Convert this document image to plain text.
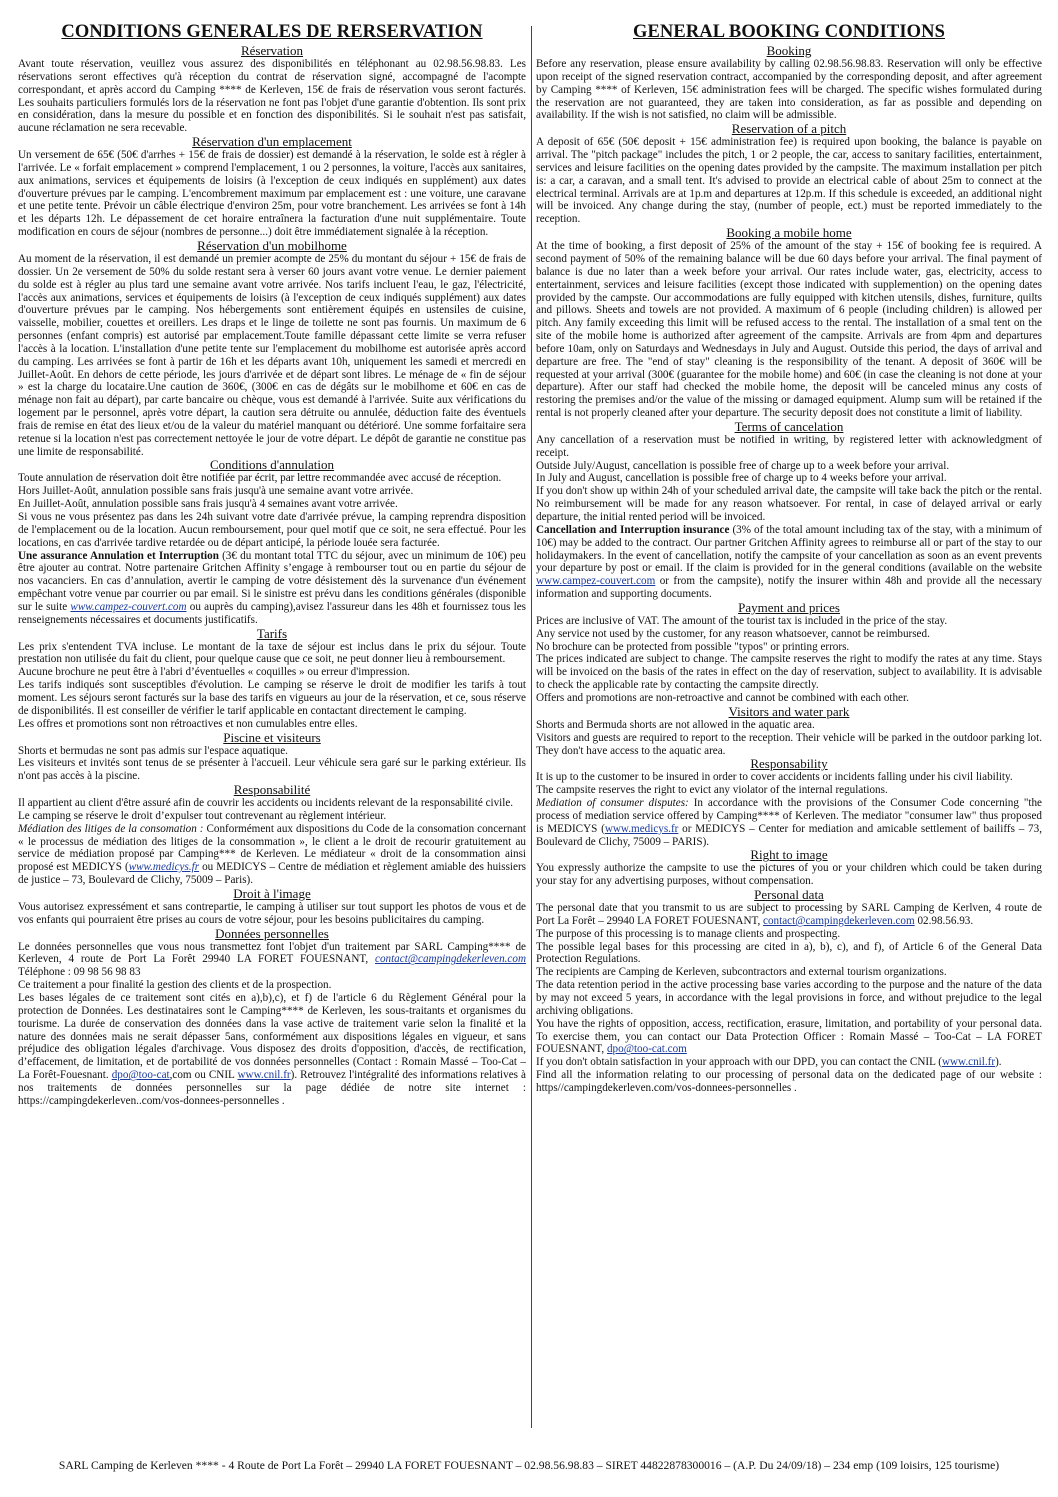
CONDITIONS GENERALES DE RERSERVATION
Réservation

Avant toute réservation, veuillez vous assurez des disponibilités en téléphonant au 02.98.56.98.83. Les réservations seront effectives qu'à réception du contrat de réservation signé, accompagné de l'acompte correspondant, et après accord du Camping **** de Kerleven, 15€ de frais de réservation vous seront facturés. Les souhaits particuliers formulés lors de la réservation ne font pas l'objet d'une garantie d'obtention. Ils sont prix en considération, dans la mesure du possible et en fonction des disponibilités. Si le souhait n'est pas satisfait, aucune réclamation ne sera recevable.

Réservation d'un emplacement

Un versement de 65€ (50€ d'arrhes + 15€ de frais de dossier) est demandé à la réservation, le solde est à régler à l'arrivée. Le « forfait emplacement » comprend l'emplacement, 1 ou 2 personnes, la voiture, l'accès aux sanitaires, aux animations, services et équipements de loisirs (à l'exception de ceux indiqués en supplément) aux dates d'ouverture prévues par le camping. L'encombrement maximum par emplacement est : une voiture, une caravane et une petite tente. Prévoir un câble électrique d'environ 25m, pour votre branchement. Les arrivées se font à 14h et les départs 12h. Le dépassement de cet horaire entraînera la facturation d'une nuit supplémentaire. Toute modification en cours de séjour (nombres de personne...) doit être immédiatement signalée à la réception.

Réservation d'un mobilhome

Au moment de la réservation, il est demandé un premier acompte de 25% du montant du séjour + 15€ de frais de dossier. Un 2e versement de 50% du solde restant sera à verser 60 jours avant votre venue. Le dernier paiement du solde est à régler au plus tard une semaine avant votre arrivée. Nos tarifs incluent l'eau, le gaz, l'électricité, l'accès aux animations, services et équipements de loisirs (à l'exception de ceux indiqués supplément) aux dates d'ouverture prévues par le camping. Nos hébergements sont entièrement équipés en ustensiles de cuisine, vaisselle, mobilier, couettes et oreillers. Les draps et le linge de toilette ne sont pas fournis. Un maximum de 6 personnes (enfant compris) est autorisé par emplacement.Toute famille dépassant cette limite se verra refuser l'accès à la location. L'installation d'une petite tente sur l'emplacement du mobilhome est autorisée après accord du camping. Les arrivées se font à partir de 16h et les départs avant 10h, uniquement les samedi et mercredi en Juillet-Août. En dehors de cette période, les jours d'arrivée et de départ sont libres. Le ménage de « fin de séjour » est la charge du locataire.Une caution de 360€, (300€ en cas de dégâts sur le mobilhome et 60€ en cas de ménage non fait au départ), par carte bancaire ou chèque, vous est demandé à l'arrivée. Suite aux vérifications du logement par le personnel, après votre départ, la caution sera détruite ou annulée, déduction faite des éventuels frais de remise en état des lieux et/ou de la valeur du matériel manquant ou détérioré. Une somme forfaitaire sera retenue si la location n'est pas correctement nettoyée le jour de votre départ. Le dépôt de garantie ne constitue pas une limite de responsabilité.

Conditions d'annulation

Toute annulation de réservation doit être notifiée par écrit, par lettre recommandée avec accusé de réception.

Hors Juillet-Août, annulation possible sans frais jusqu'à une semaine avant votre arrivée.

En Juillet-Août, annulation possible sans frais jusqu'à 4 semaines avant votre arrivée.

Si vous ne vous présentez pas dans les 24h suivant votre date d'arrivée prévue, la camping reprendra disposition de l'emplacement ou de la location. Aucun remboursement, pour quel motif que ce soit, ne sera effectué. Pour les locations, en cas d'arrivée tardive retardée ou de départ anticipé, la période louée sera facturée.

Une assurance Annulation et Interruption (3€ du montant total TTC du séjour, avec un minimum de 10€) peu être ajouter au contrat. Notre partenaire Gritchen Affinity s’engage à rembourser tout ou en partie du séjour de nos vacanciers. En cas d’annulation, avertir le camping de votre désistement dès la survenance d'un événement empêchant votre venue par courrier ou par email. Si le sinistre est prévu dans les conditions générales (disponible sur le suite www.campez-couvert.com ou auprès du camping),avisez l'assureur dans les 48h et fournissez tous les renseignements nécessaires et documents justificatifs.

Tarifs

Les prix s'entendent TVA incluse. Le montant de la taxe de séjour est inclus dans le prix du séjour. Toute prestation non utilisée du fait du client, pour quelque cause que ce soit, ne peut donner lieu à remboursement.

Aucune brochure ne peut être à l'abri d’éventuelles « coquilles » ou erreur d'impression.

Les tarifs indiqués sont susceptibles d'évolution. Le camping se réserve le droit de modifier les tarifs à tout moment. Les séjours seront facturés sur la base des tarifs en vigueurs au jour de la réservation, et ce, sous réserve de disponibilités. Il est conseiller de vérifier le tarif applicable en contactant directement le camping.

Les offres et promotions sont non rétroactives et non cumulables entre elles.

Piscine et visiteurs

Shorts et bermudas ne sont pas admis sur l'espace aquatique.

Les visiteurs et invités sont tenus de se présenter à l'accueil. Leur véhicule sera garé sur le parking extérieur. Ils n'ont pas accès à la piscine.

Responsabilité

Il appartient au client d'être assuré afin de couvrir les accidents ou incidents relevant de la responsabilité civile.

Le camping se réserve le droit d’expulser tout contrevenant au règlement intérieur.

Médiation des litiges de la consomation : Conformément aux dispositions du Code de la consomation concernant « le processus de médiation des litiges de la consommation », le client a le droit de recourir gratuitement au service de médiation proposé par Camping*** de Kerleven. Le médiateur « droit de la consommation ainsi proposé est MEDICYS (www.medicys.fr ou MEDICYS – Centre de médiation et règlement amiable des huissiers de justice – 73, Boulevard de Clichy, 75009 – Paris).

Droit à l'image

Vous autorisez expressément et sans contrepartie, le camping à utiliser sur tout support les photos de vous et de vos enfants qui pourraient être prises au cours de votre séjour, pour les besoins publicitaires du camping.

Données personnelles

Le données personnelles que vous nous transmettez font l'objet d'un traitement par SARL Camping**** de Kerleven, 4 route de Port La Forêt 29940 LA FORET FOUESNANT, contact@campingdekerleven.com Téléphone : 09 98 56 98 83

Ce traitement a pour finalité la gestion des clients et de la prospection.

Les bases légales de ce traitement sont cités en a),b),c), et f) de l'article 6 du Règlement Général pour la protection de Données. Les destinataires sont le Camping**** de Kerleven, les sous-traitants et organismes du tourisme. La durée de conservation des données dans la vase active de traitement varie selon la finalité et la nature des données mais ne serait dépasser 5ans, conformément aux dispositions légales en vigueur, et sans préjudice des obligation légales d'archivage. Vous disposez des droits d'opposition, d'accès, de rectification, d’effacement, de limitation, et de portabilité de vos données personnelles (Contact : Romain Massé – Too-Cat – La Forêt-Fouesnant. dpo@too-cat,com ou CNIL www.cnil.fr). Retrouvez l'intégralité des informations relatives à nos traitements de données personnelles sur la page dédiée de notre site internet : https://campingdekerleven..com/vos-donnees-personnelles .

GENERAL BOOKING CONDITIONS
Booking

Before any reservation, please ensure availability by calling 02.98.56.98.83. Reservation will only be effective upon receipt of the signed reservation contract, accompanied by the corresponding deposit, and after agreement by Camping **** of Kerleven, 15€ administration fees will be charged. The specific wishes formulated during the reservation are not guaranteed, they are taken into consideration, as far as possible and depending on availability. If the wish is not satisfied, no claim will be admissible.

Reservation of a pitch

A deposit of 65€ (50€ deposit + 15€ administration fee) is required upon booking, the balance is payable on arrival. The "pitch package" includes the pitch, 1 or 2 people, the car, access to sanitary facilities, entertainment, services and leisure facilities on the opening dates provided by the campsite. The maximum installation per pitch is: a car, a caravan, and a small tent. It's advised to provide an electrical cable of about 25m to connect at the electrical terminal. Arrivals are at 1p.m and departures at 12p.m. If this schedule is exceeded, an additional night will be invoiced. Any change during the stay, (number of people, ect.) must be reported immediately to the reception.

Booking a mobile home

At the time of booking, a first deposit of 25% of the amount of the stay + 15€ of booking fee is required. A second payment of 50% of the remaining balance will be due 60 days before your arrival. The final payment of balance is due no later than a week before your arrival. Our rates include water, gas, electricity, access to entertainment, services and leisure facilities (except those indicated with supplemention) on the opening dates provided by the campste. Our accommodations are fully equipped with kitchen utensils, dishes, furniture, quilts and pillows. Sheets and towels are not provided. A maximum of 6 people (including children) is allowed per pitch. Any family exceeding this limit will be refused access to the rental. The installation of a smal tent on the site of the mobile home is authorized after agreement of the campsite. Arrivals are from 4pm and departures before 10am, only on Saturdays and Wednesdays in July and August. Outside this period, the days of arrival and departure are free. The "end of stay" cleaning is the responsibility of the tenant. A deposit of 360€ will be requested at your arrival (300€ (guarantee for the mobile home) and 60€ (in case the cleaning is not done at your departure). After our staff had checked the mobile home, the deposit will be canceled minus any costs of restoring the premises and/or the value of the missing or damaged equipment. Alump sum will be retained if the rental is not properly cleaned after your departure. The security deposit does not constitute a limit of liability.

Terms of cancelation

Any cancellation of a reservation must be notified in writing, by registered letter with acknowledgment of receipt.

Outside July/August, cancellation is possible free of charge up to a week before your arrival.

In July and August, cancellation is possible free of charge up to 4 weeks before your arrival.

If you don't show up within 24h of your scheduled arrival date, the campsite will take back the pitch or the rental. No reimbursement will be made for any reason whatsoever. For rental, in case of delayed arrival or early departure, the initial rented period will be invoiced.

Cancellation and Interruption insurance (3% of the total amount including tax of the stay, with a minimum of 10€) may be added to the contract. Our partner Gritchen Affinity agrees to reimburse all or part of the stay to our holidaymakers. In the event of cancellation, notify the campsite of your cancellation as soon as an event prevents your departure by post or email. If the claim is provided for in the general conditions (available on the website www.campez-couvert.com or from the campsite), notify the insurer within 48h and provide all the necessary information and supporting documents.

Payment and prices

Prices are inclusive of VAT. The amount of the tourist tax is included in the price of the stay.

Any service not used by the customer, for any reason whatsoever, cannot be reimbursed.

No brochure can be protected from possible "typos" or printing errors.

The prices indicated are subject to change. The campsite reserves the right to modify the rates at any time. Stays will be invoiced on the basis of the rates in effect on the day of reservation, subject to availability. It is advisable to check the applicable rate by contacting the campsite directly.

Offers and promotions are non-retroactive and cannot be combined with each other.

Visitors and water park

Shorts and Bermuda shorts are not allowed in the aquatic area.

Visitors and guests are required to report to the reception. Their vehicle will be parked in the outdoor parking lot. They don't have access to the aquatic area.

Responsability

It is up to the customer to be insured in order to cover accidents or incidents falling under his civil liability.

The campsite reserves the right to evict any violator of the internal regulations.

Mediation of consumer disputes: In accordance with the provisions of the Consumer Code concerning "the process of mediation service offered by Camping**** of Kerleven. The mediator "consumer law" thus proposed is MEDICYS (www.medicys.fr or MEDICYS – Center for mediation and amicable settlement of bailiffs – 73, Boulevard de Clichy, 75009 – PARIS).

Right to image

You expressly authorize the campsite to use the pictures of you or your children which could be taken during your stay for any advertising purposes, without compensation.

Personal data

The personal date that you transmit to us are subject to processing by SARL Camping de Kerlven, 4 route de Port La Forêt – 29940 LA FORET FOUESNANT, contact@campingdekerleven.com 02.98.56.93.

The purpose of this processing is to manage clients and prospecting.

The possible legal bases for this processing are cited in a), b), c), and f), of Article 6 of the General Data Protection Regulations.

The recipients are Camping de Kerleven, subcontractors and external tourism organizations.

The data retention period in the active processing base varies according to the purpose and the nature of the data by may not exceed 5 years, in accordance with the legal provisions in force, and without prejudice to the legal archiving obligations.

You have the rights of opposition, access, rectification, erasure, limitation, and portability of your personal data. To exercise them, you can contact our Data Protection Officer : Romain Massé – Too-Cat – LA FORET FOUESNANT, dpo@too-cat.com

If you don't obtain satisfaction in your approach with our DPD, you can contact the CNIL (www.cnil.fr).

Find all the information relating to our processing of personal data on the dedicated page of our website : https//campingdekerleven.com/vos-donnees-personnelles .

SARL Camping de Kerleven **** - 4 Route de Port La Forêt – 29940 LA FORET FOUESNANT – 02.98.56.98.83 – SIRET 44822878300016 – (A.P. Du 24/09/18) – 234 emp (109 loisirs, 125 tourisme)
